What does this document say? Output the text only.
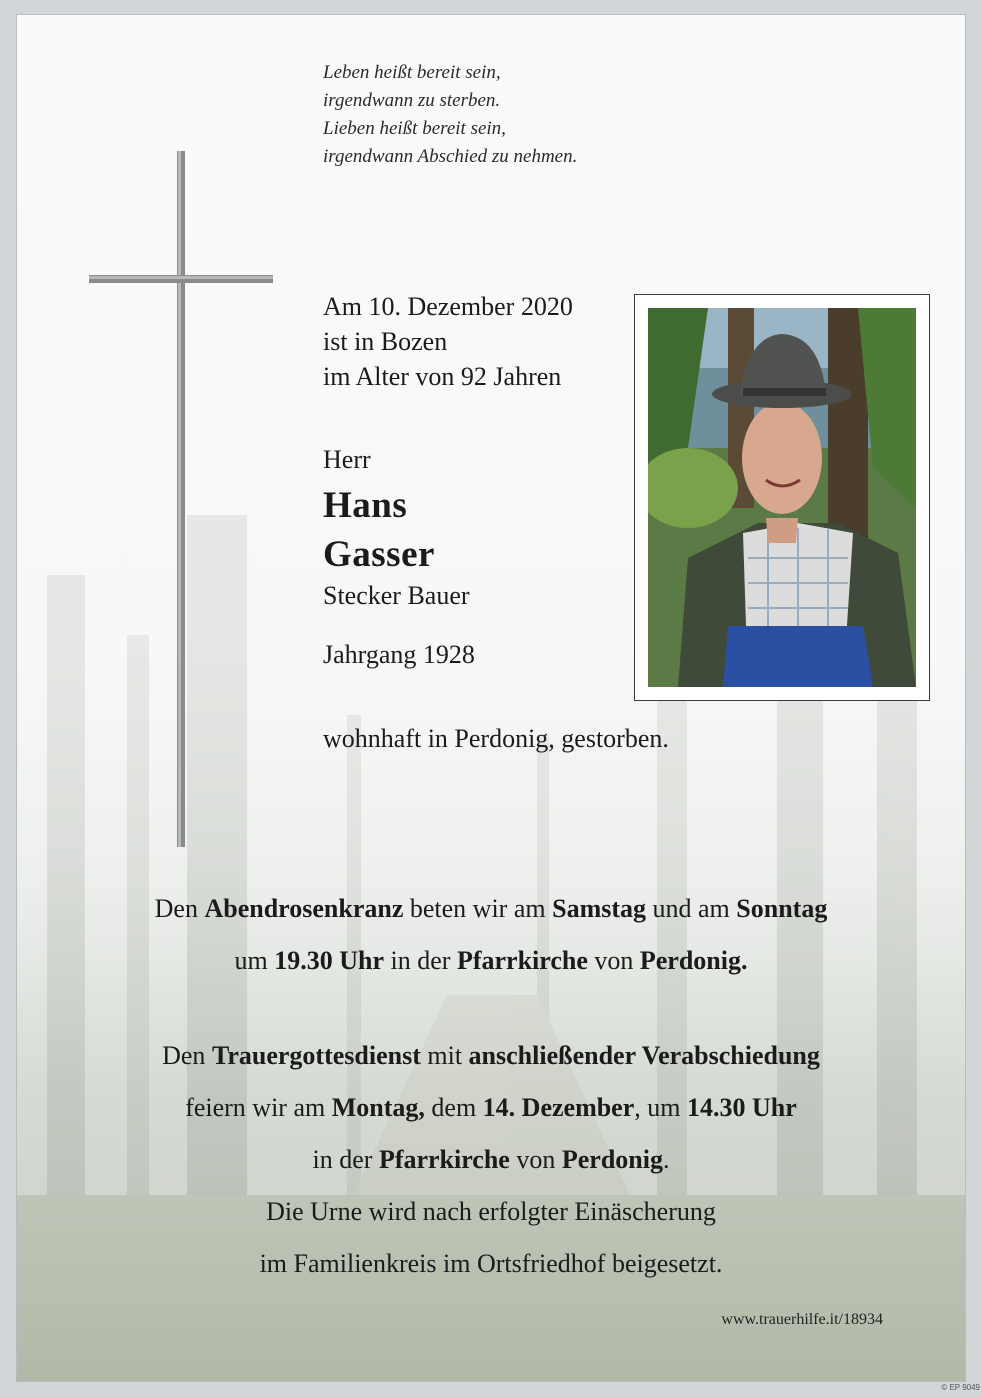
Leben heißt bereit sein,
irgendwann zu sterben.
Lieben heißt bereit sein,
irgendwann Abschied zu nehmen.
Am 10. Dezember 2020
ist in Bozen
im Alter von 92 Jahren
Herr
Hans
Gasser
Stecker Bauer
Jahrgang 1928
wohnhaft in Perdonig, gestorben.
Den Abendrosenkranz beten wir am Samstag und am Sonntag
um 19.30 Uhr in der Pfarrkirche von Perdonig.
Den Trauergottesdienst mit anschließender Verabschiedung
feiern wir am Montag, dem 14. Dezember, um 14.30 Uhr
in der Pfarrkirche von Perdonig.
Die Urne wird nach erfolgter Einäscherung
im Familienkreis im Ortsfriedhof beigesetzt.
www.trauerhilfe.it/18934
© EP 9049
